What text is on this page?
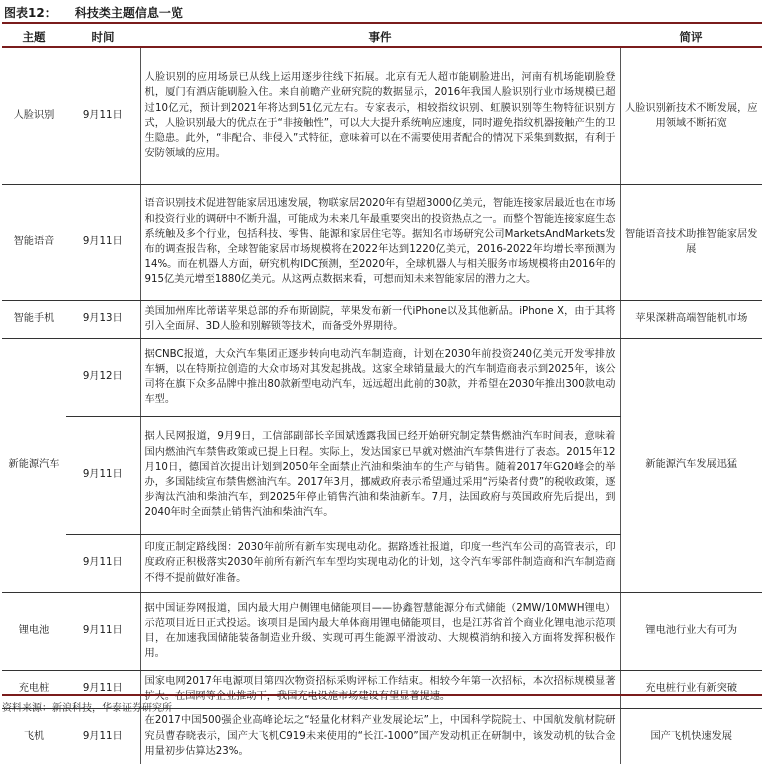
图表12： 科技类主题信息一览
主题	时间	事件	简评
人脸识别	9月11日	人脸识别的应用场景已从线上运用逐步往线下拓展。北京有无人超市能刷脸进出，河南有机场能刷脸登机，厦门有酒店能刷脸入住。来自前瞻产业研究院的数据显示，2016年我国人脸识别行业市场规模已超过10亿元，预计到2021年将达到51亿元左右。专家表示，相较指纹识别、虹膜识别等生物特征识别方式，人脸识别最大的优点在于“非接触性”，可以大大提升系统响应速度，同时避免指纹机器接触产生的卫生隐患。此外，“非配合、非侵入”式特征，意味着可以在不需要使用者配合的情况下采集到数据，有利于安防领域的应用。	人脸识别新技术不断发展，应用领域不断拓宽
智能语音	9月11日	语音识别技术促进智能家居迅速发展，物联家居2020年有望超3000亿美元，智能连接家居最近也在市场和投资行业的调研中不断升温，可能成为未来几年最重要突出的投资热点之一。而整个智能连接家庭生态系统触及多个行业，包括科技、零售、能源和家居住宅等。据知名市场研究公司MarketsAndMarkets发布的调查报告称，全球智能家居市场规模将在2022年达到1220亿美元，2016-2022年均增长率预测为14%。而在机器人方面，研究机构IDC预测，至2020年，全球机器人与相关服务市场规模将由2016年的915亿美元增至1880亿美元。从这两点数据来看，可想而知未来智能家居的潜力之大。	智能语音技术助推智能家居发展
智能手机	9月13日	美国加州库比蒂诺苹果总部的乔布斯剧院，苹果发布新一代iPhone以及其他新品。iPhone X，由于其将引入全面屏、3D人脸和别解锁等技术，而备受外界期待。	苹果深耕高端智能机市场
新能源汽车	9月12日	据CNBC报道，大众汽车集团正逐步转向电动汽车制造商，计划在2030年前投资240亿美元开发零排放车辆，以在特斯拉创造的大众市场对其发起挑战。这家全球销量最大的汽车制造商表示到2025年，该公司将在旗下众多品牌中推出80款新型电动汽车，远远超出此前的30款，并希望在2030年推出300款电动车型。	新能源汽车发展迅猛
	9月11日	据人民网报道，9月9日，工信部副部长辛国斌透露我国已经开始研究制定禁售燃油汽车时间表，意味着国内燃油汽车禁售政策或已提上日程。实际上，发达国家已早就对燃油汽车禁售进行了表态。2015年12月10日，德国首次提出计划到2050年全面禁止汽油和柴油车的生产与销售。随着2017年G20峰会的举办，多国陆续宣布禁售燃油汽车。2017年3月，挪威政府表示希望通过采用“污染者付费”的税收政策，逐步淘汰汽油和柴油汽车，到2025年停止销售汽油和柴油新车。7月，法国政府与英国政府先后提出，到2040年时全面禁止销售汽油和柴油汽车。	
	9月11日	印度正制定路线图：2030年前所有新车实现电动化。据路透社报道，印度一些汽车公司的高管表示，印度政府正积极落实2030年前所有新汽车车型均实现电动化的计划，这令汽车零部件制造商和汽车制造商不得不提前做好准备。	
锂电池	9月11日	据中国证券网报道，国内最大用户侧锂电储能项目——协鑫智慧能源分布式储能（2MW/10MWH锂电）示范项目近日正式投运。该项目是国内最大单体商用锂电储能项目，也是江苏省首个商业化锂电池示范项目，在加速我国储能装备制造业升级、实现可再生能源平滑波动、大规模消纳和接入方面将发挥积极作用。	锂电池行业大有可为
充电桩	9月11日	国家电网2017年电源项目第四次物资招标采购评标工作结束。相较今年第一次招标，本次招标规模显著扩大。在国网等企业推动下，我国充电设施市场建设有望显著提速。	充电桩行业有新突破
飞机	9月11日	在2017中国500强企业高峰论坛之“轻量化材料产业发展论坛”上，中国科学院院士、中国航发航材院研究员曹春晓表示，国产大飞机C919未来使用的“长江-1000”国产发动机正在研制中，该发动机的钛合金用量初步估算达23%。	国产飞机快速发展
资料来源：新浪科技，华泰证券研究所
